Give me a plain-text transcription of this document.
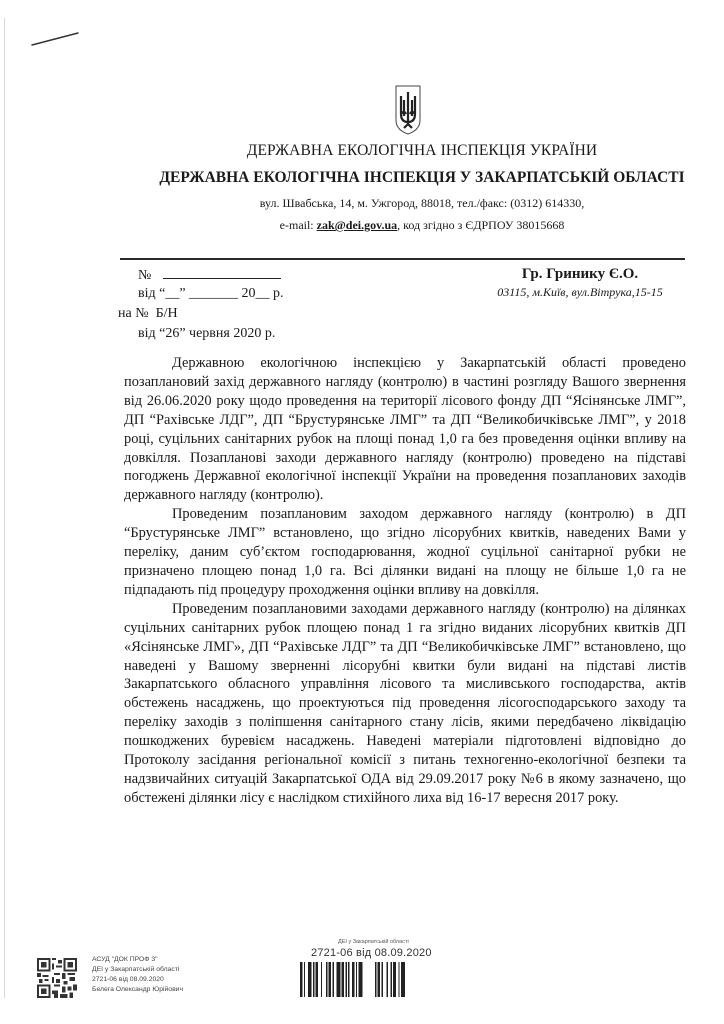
ДЕРЖАВНА ЕКОЛОГІЧНА ІНСПЕКЦІЯ УКРАЇНИ
ДЕРЖАВНА ЕКОЛОГІЧНА ІНСПЕКЦІЯ У ЗАКАРПАТСЬКІЙ ОБЛАСТІ
вул. Швабська, 14, м. Ужгород, 88018, тел./факс: (0312) 614330,
e-mail: zak@dei.gov.ua, код згідно з ЄДРПОУ 38015668
№
від “__” _______ 20__ р.
на № Б/Н
від “26” червня 2020 р.
Гр. Гринику Є.О.
03115, м.Київ, вул.Вітрука,15-15

Державною екологічною інспекцією у Закарпатській області проведено позаплановий захід державного нагляду (контролю) в частині розгляду Вашого звернення від 26.06.2020 року щодо проведення на території лісового фонду ДП “Ясінянське ЛМГ”, ДП “Рахівське ЛДГ”, ДП “Брустурянське ЛМГ” та ДП “Великобичківське ЛМГ”, у 2018 році, суцільних санітарних рубок на площі понад 1,0 га без проведення оцінки впливу на довкілля. Позапланові заходи державного нагляду (контролю) проведено на підставі погоджень Державної екологічної інспекції України на проведення позапланових заходів державного нагляду (контролю).

Проведеним позаплановим заходом державного нагляду (контролю) в ДП “Брустурянське ЛМГ” встановлено, що згідно лісорубних квитків, наведених Вами у переліку, даним суб’єктом господарювання, жодної суцільної санітарної рубки не призначено площею понад 1,0 га. Всі ділянки видані на площу не більше 1,0 га не підпадають під процедуру проходження оцінки впливу на довкілля.

Проведеним позаплановими заходами державного нагляду (контролю) на ділянках суцільних санітарних рубок площею понад 1 га згідно виданих лісорубних квитків ДП «Ясінянське ЛМГ», ДП “Рахівське ЛДГ” та ДП “Великобичківське ЛМГ” встановлено, що наведені у Вашому зверненні лісорубні квитки були видані на підставі листів Закарпатського обласного управління лісового та мисливського господарства, актів обстежень насаджень, що проектуються під проведення лісогосподарського заходу та переліку заходів з поліпшення санітарного стану лісів, якими передбачено ліквідацію пошкоджених буревієм насаджень. Наведені матеріали підготовлені відповідно до Протоколу засідання регіональної комісії з питань техногенно-екологічної безпеки та надзвичайних ситуацій Закарпатської ОДА від 29.09.2017 року №6 в якому зазначено, що обстежені ділянки лісу є наслідком стихійного лиха від 16-17 вересня 2017 року.

АСУД "ДОК ПРОФ 3"
ДЕІ у Закарпатській області
2721-06 від 08.09.2020
Белега Олександр Юрійович
ДЕІ у Закарпатській області
2721-06 від 08.09.2020
